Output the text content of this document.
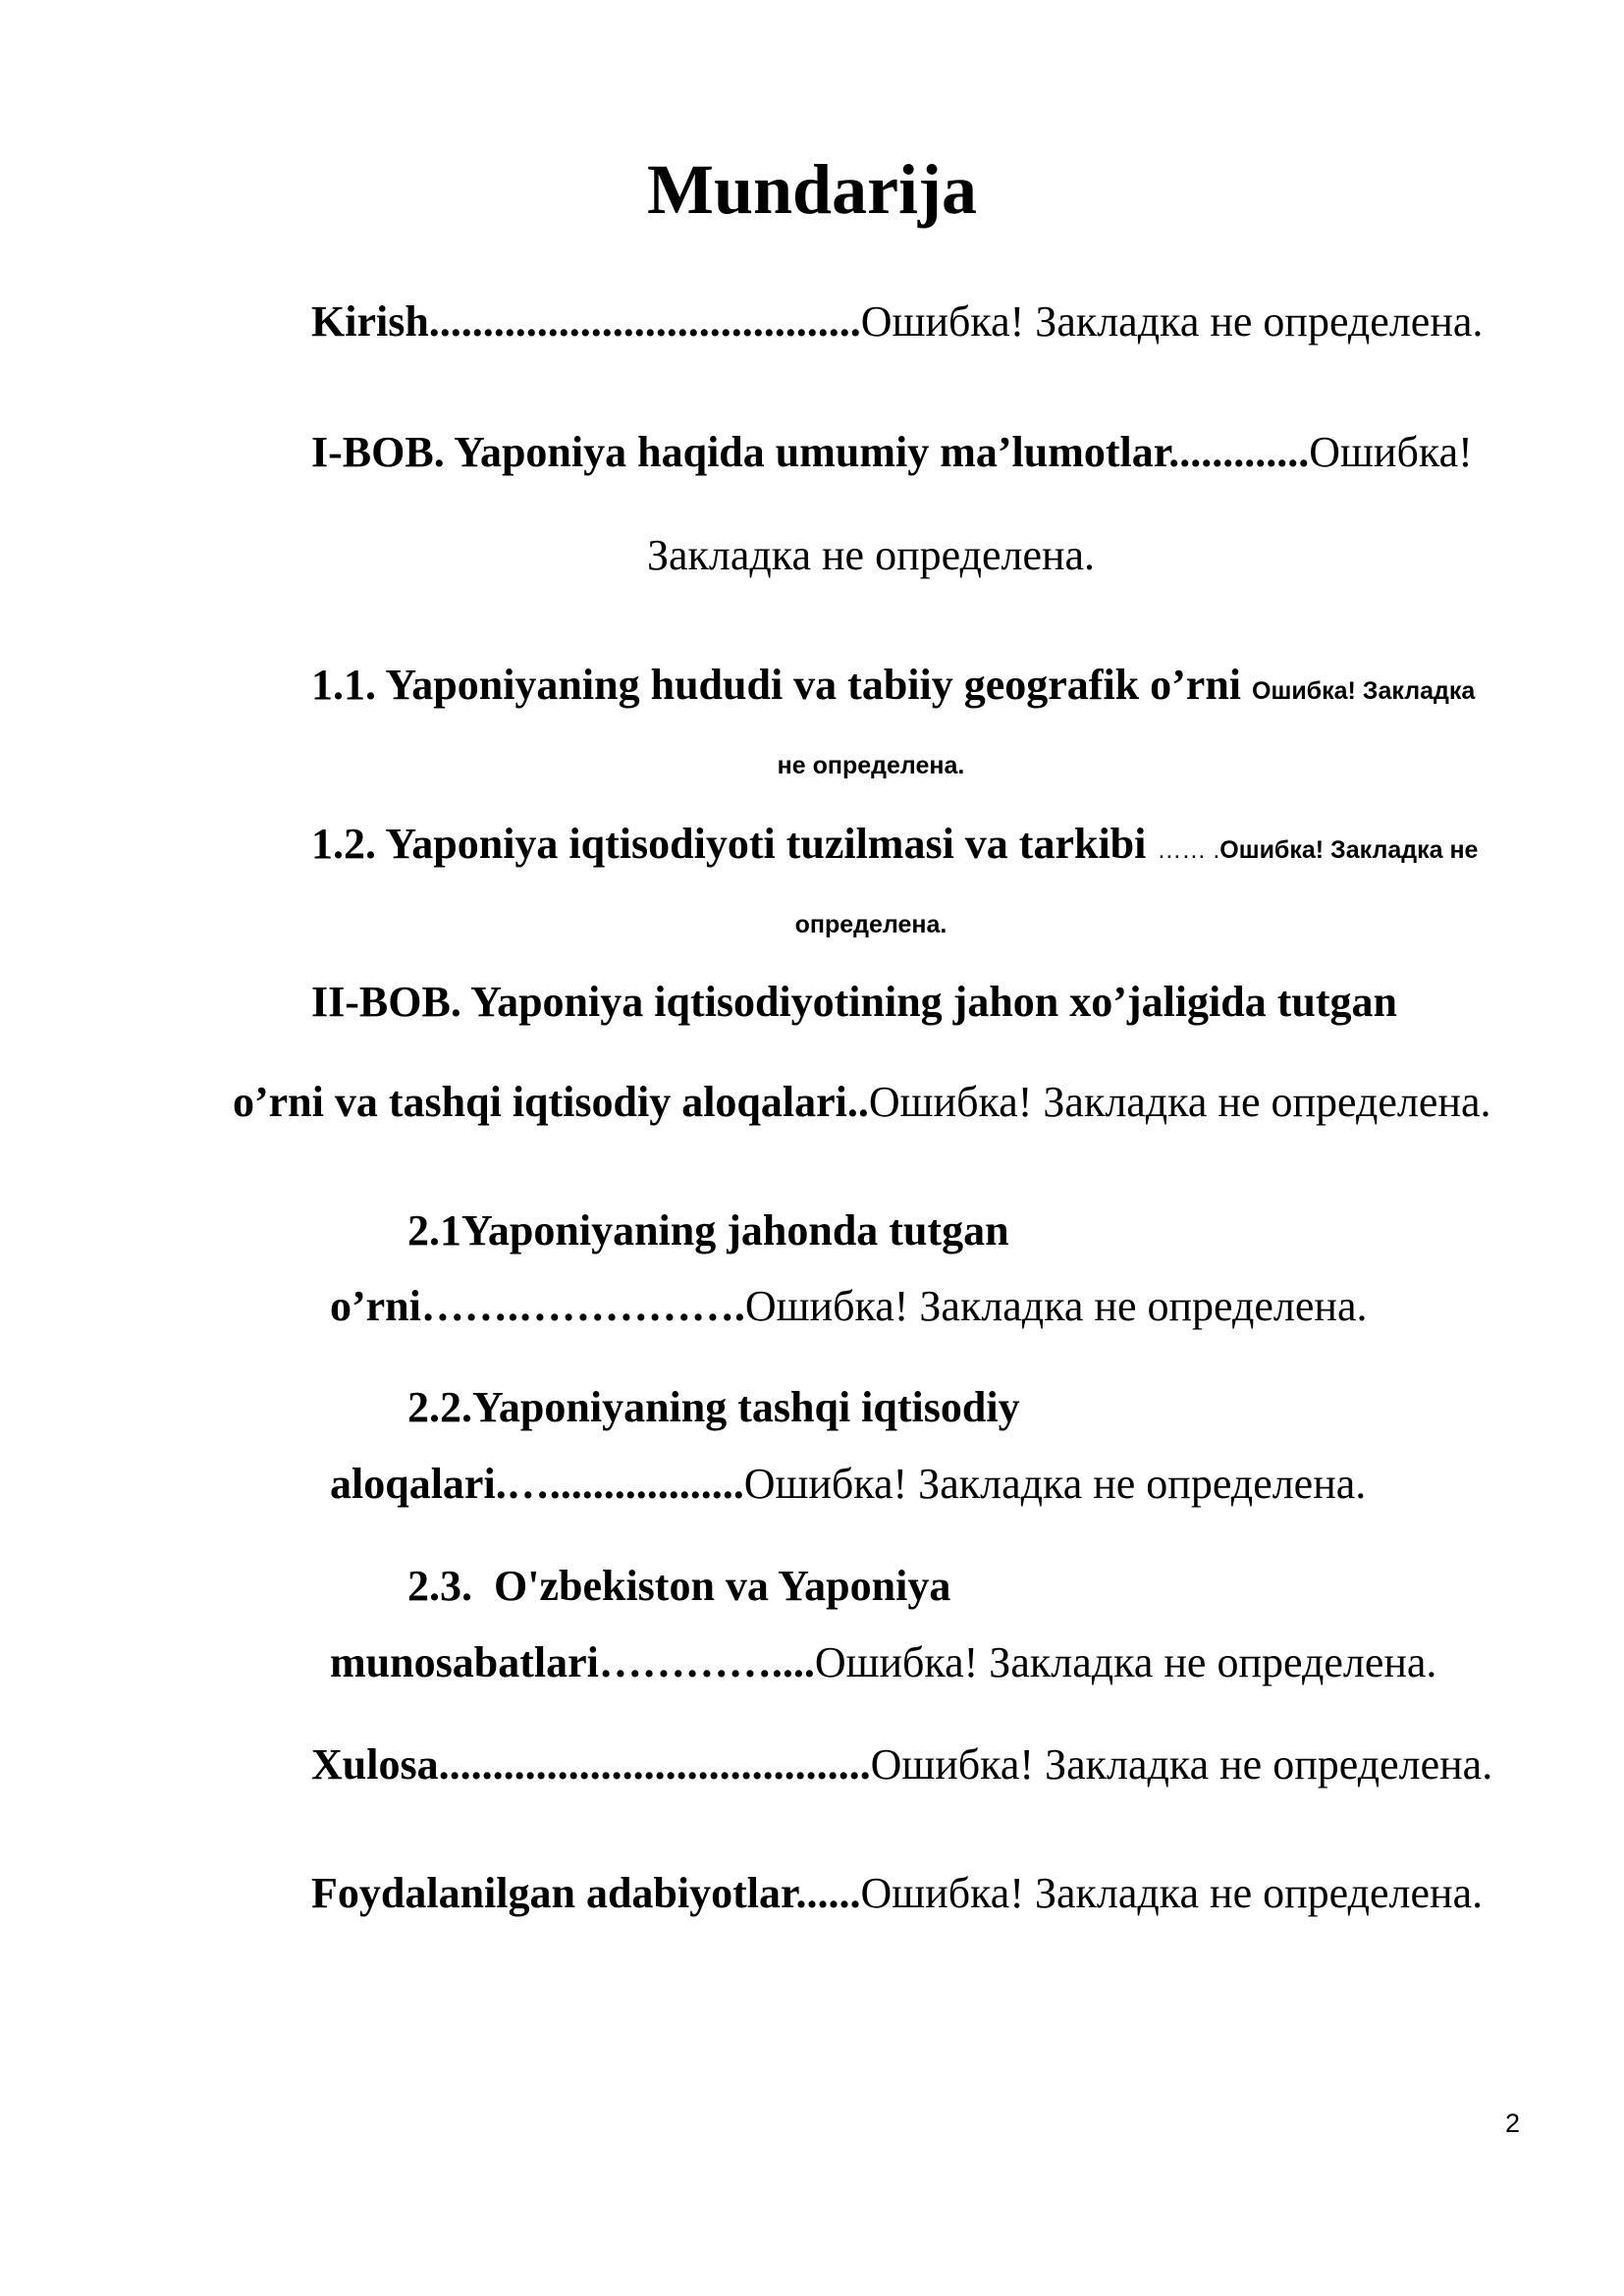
Mundarija
Kirish........................................Ошибка! Закладка не определена.
I-BOB. Yaponiya haqida umumiy ma’lumotlar.............Ошибка!
Закладка не определена.
1.1. Yaponiyaning hududi va tabiiy geografik o’rni Ошибка! Закладка
не определена.
1.2. Yaponiya iqtisodiyoti tuzilmasi va tarkibi …… .Ошибка! Закладка не
определена.
II-BOB. Yaponiya iqtisodiyotining jahon xo’jaligida tutgan
o’rni va tashqi iqtisodiy aloqalari..Ошибка! Закладка не определена.
2.1Yaponiyaning jahonda tutgan
o’rni…….…………….Ошибка! Закладка не определена.
2.2.Yaponiyaning tashqi iqtisodiy
aloqalari.…..................Ошибка! Закладка не определена.
2.3.  O'zbekiston va Yaponiya
munosabatlari…………....Ошибка! Закладка не определена.
Xulosa........................................Ошибка! Закладка не определена.
Foydalanilgan adabiyotlar......Ошибка! Закладка не определена.
2
